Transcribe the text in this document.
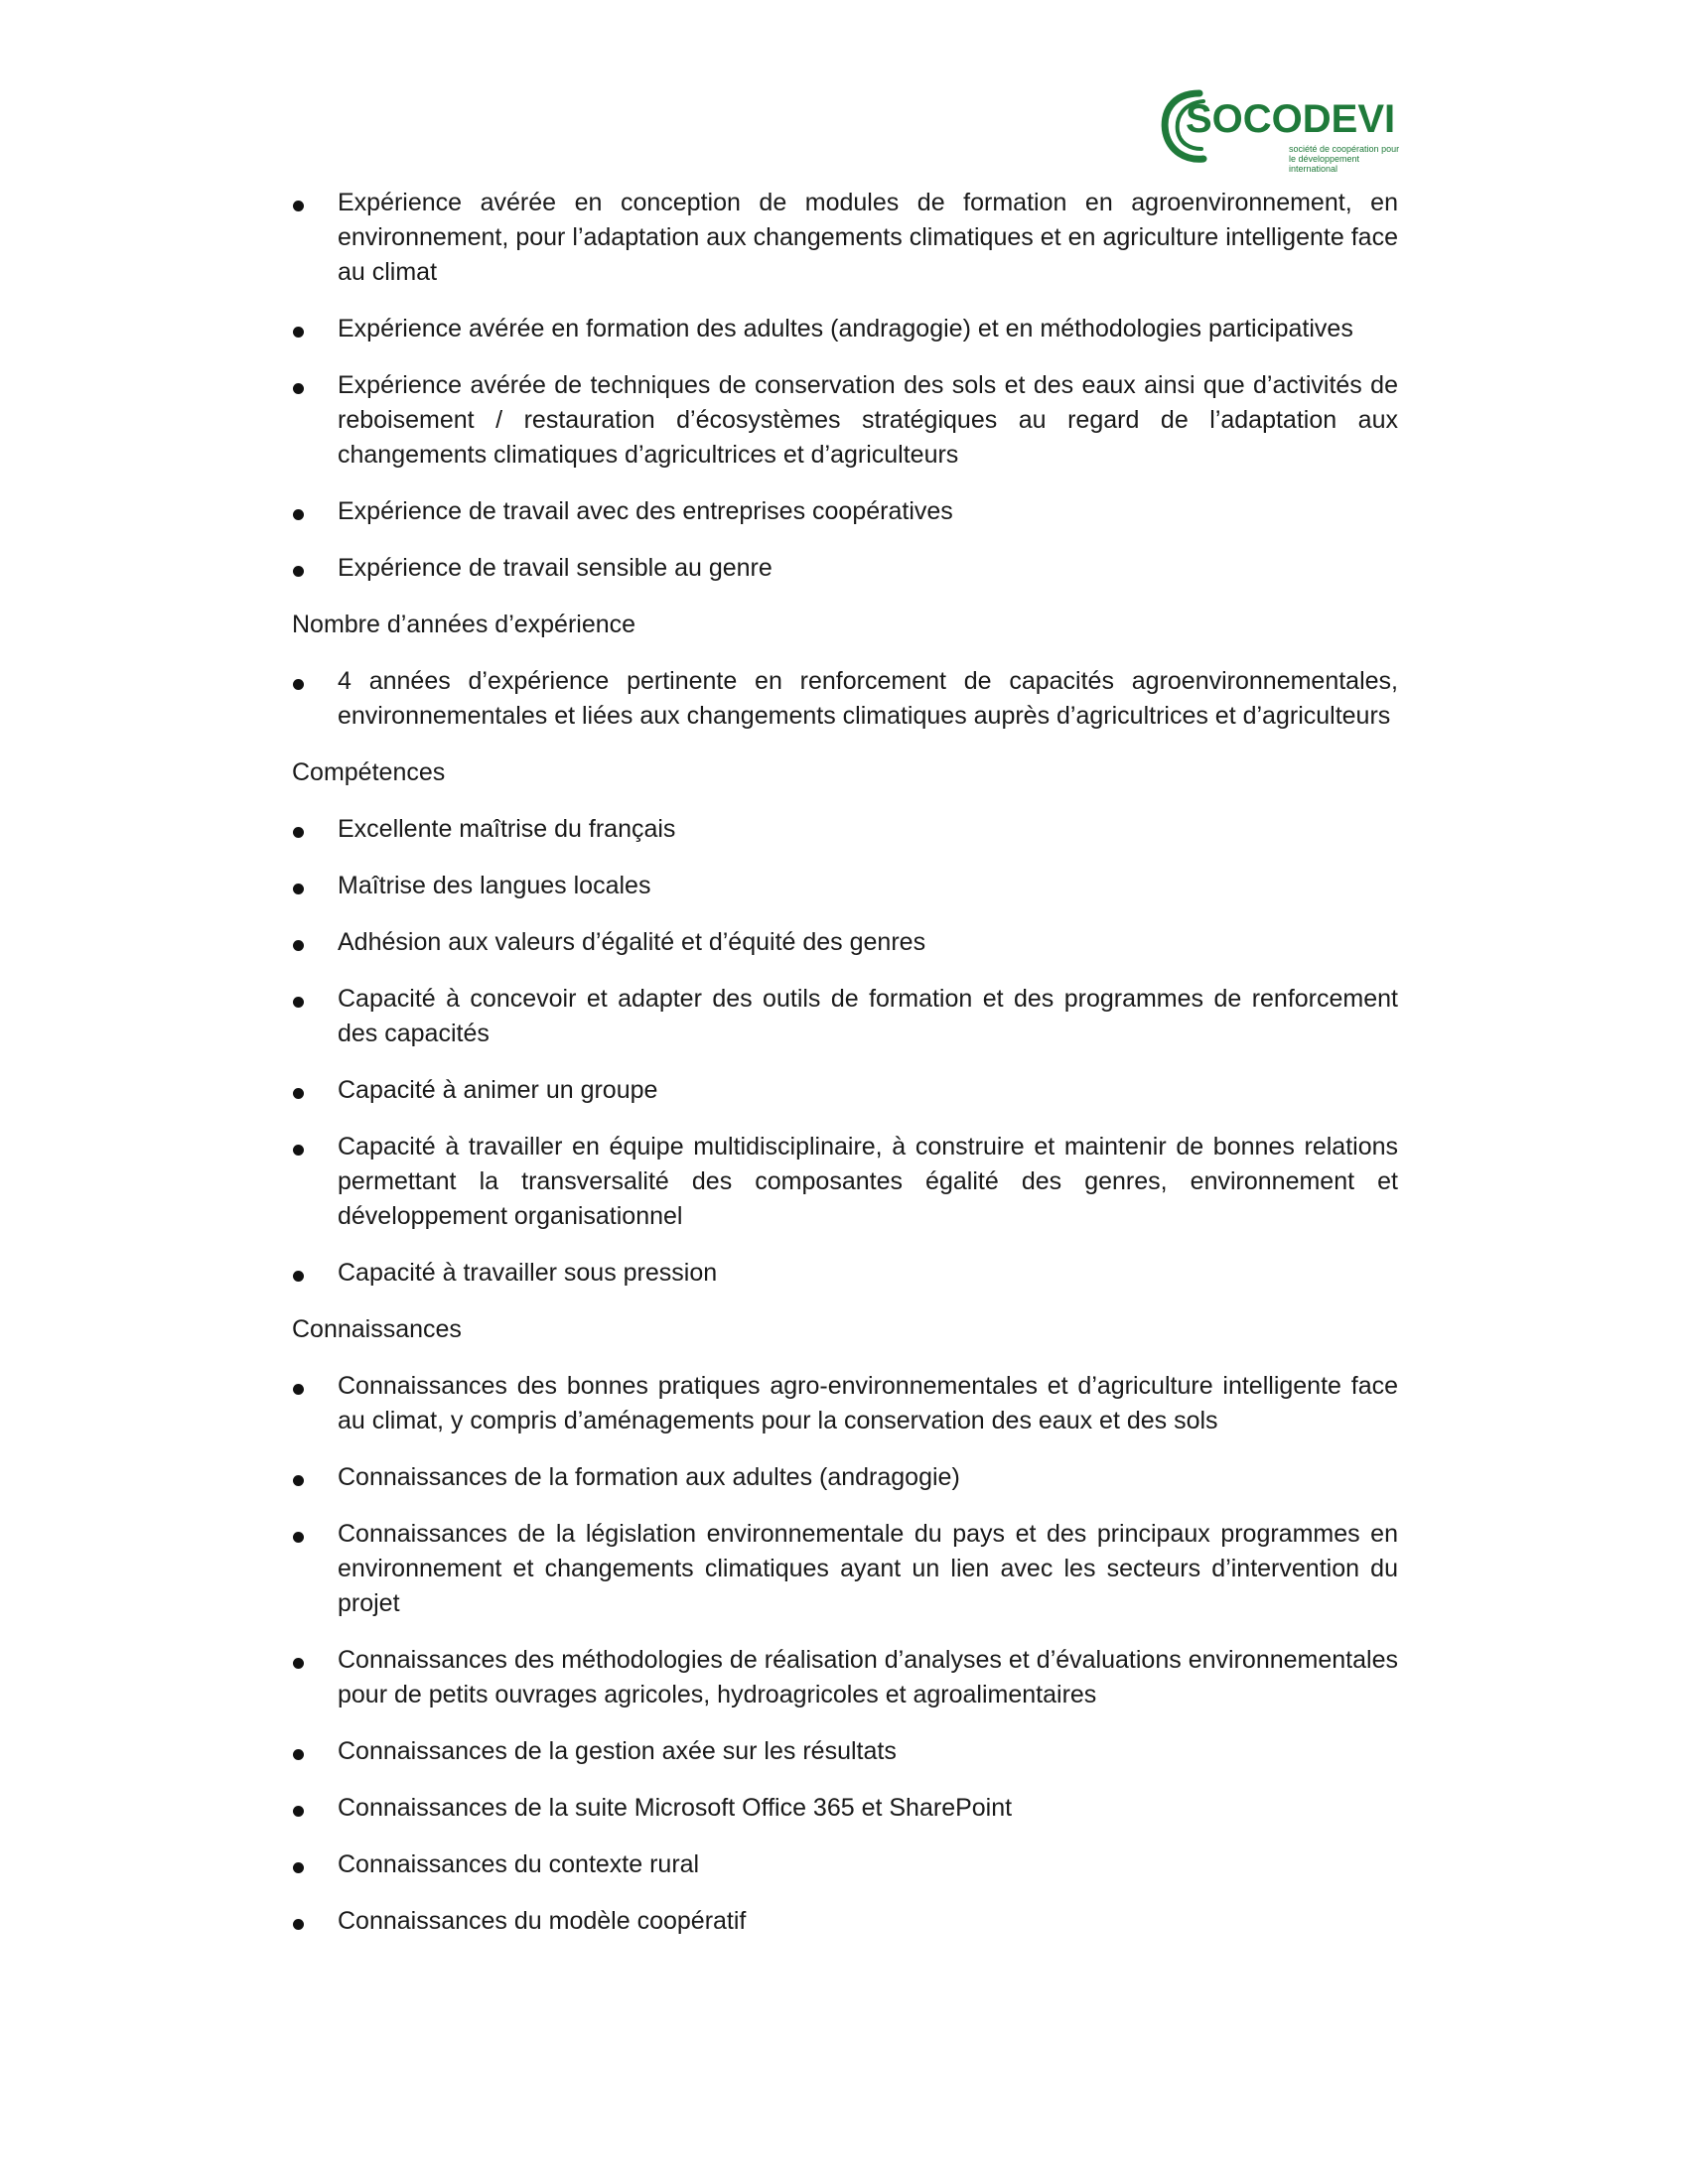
SOCODEVI
société de coopération pour le développement international
Expérience avérée en conception de modules de formation en agroenvironnement, en environnement, pour l’adaptation aux changements climatiques et en agriculture intelligente face au climat
Expérience avérée en formation des adultes (andragogie) et en méthodologies participatives
Expérience avérée de techniques de conservation des sols et des eaux ainsi que d’activités de reboisement / restauration d’écosystèmes stratégiques au regard de l’adaptation aux changements climatiques d’agricultrices et d’agriculteurs
Expérience de travail avec des entreprises coopératives
Expérience de travail sensible au genre
Nombre d’années d’expérience
4 années d’expérience pertinente en renforcement de capacités agroenvironnementales, environnementales et liées aux changements climatiques auprès d’agricultrices et d’agriculteurs
Compétences
Excellente maîtrise du français
Maîtrise des langues locales
Adhésion aux valeurs d’égalité et d’équité des genres
Capacité à concevoir et adapter des outils de formation et des programmes de renforcement des capacités
Capacité à animer un groupe
Capacité à travailler en équipe multidisciplinaire, à construire et maintenir de bonnes relations permettant la transversalité des composantes égalité des genres, environnement et développement organisationnel
Capacité à travailler sous pression
Connaissances
Connaissances des bonnes pratiques agro-environnementales et d’agriculture intelligente face au climat, y compris d’aménagements pour la conservation des eaux et des sols
Connaissances de la formation aux adultes (andragogie)
Connaissances de la législation environnementale du pays et des principaux programmes en environnement et changements climatiques ayant un lien avec les secteurs d’intervention du projet
Connaissances des méthodologies de réalisation d’analyses et d’évaluations environnementales pour de petits ouvrages agricoles, hydroagricoles et agroalimentaires
Connaissances de la gestion axée sur les résultats
Connaissances de la suite Microsoft Office 365 et SharePoint
Connaissances du contexte rural
Connaissances du modèle coopératif
